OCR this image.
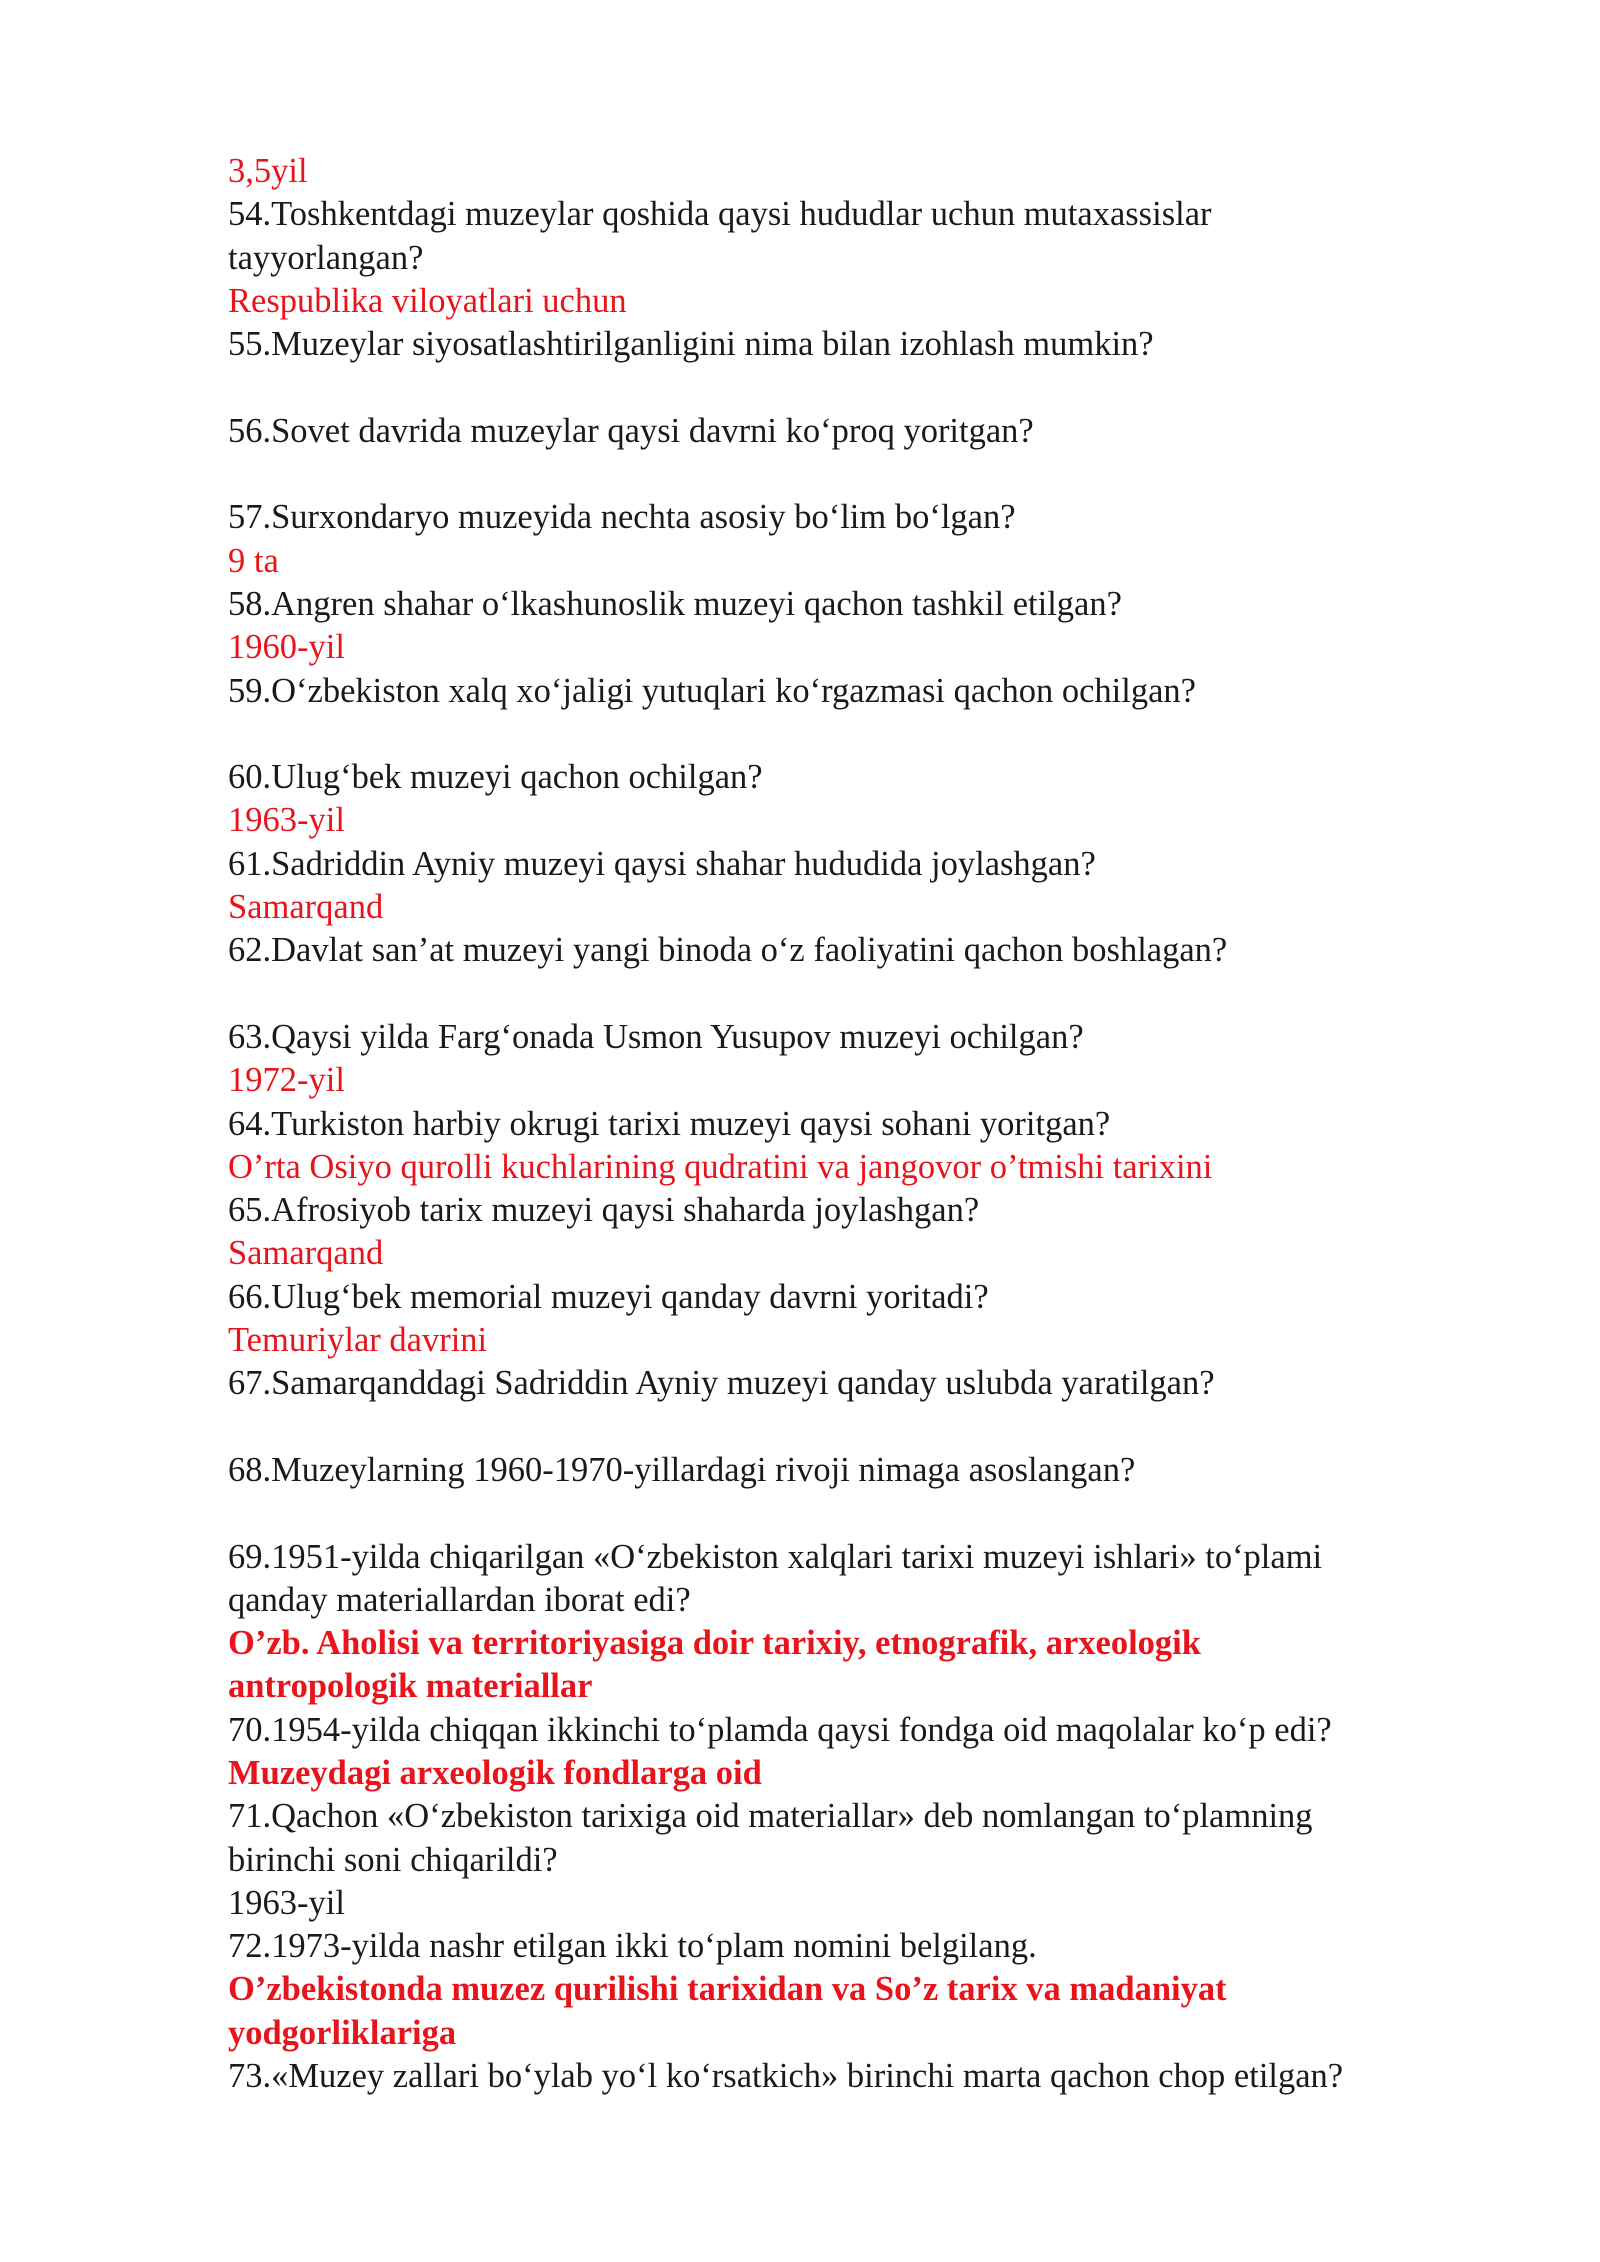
3,5yil
54.Toshkentdagi muzeylar qoshida qaysi hududlar uchun mutaxassislar
tayyorlangan?
Respublika viloyatlari uchun
55.Muzeylar siyosatlashtirilganligini nima bilan izohlash mumkin?
56.Sovet davrida muzeylar qaysi davrni ko‘proq yoritgan?
57.Surxondaryo muzeyida nechta asosiy bo‘lim bo‘lgan?
9 ta
58.Angren shahar o‘lkashunoslik muzeyi qachon tashkil etilgan?
1960-yil
59.O‘zbekiston xalq xo‘jaligi yutuqlari ko‘rgazmasi qachon ochilgan?
60.Ulug‘bek muzeyi qachon ochilgan?
1963-yil
61.Sadriddin Ayniy muzeyi qaysi shahar hududida joylashgan?
Samarqand
62.Davlat san’at muzeyi yangi binoda o‘z faoliyatini qachon boshlagan?
63.Qaysi yilda Farg‘onada Usmon Yusupov muzeyi ochilgan?
1972-yil
64.Turkiston harbiy okrugi tarixi muzeyi qaysi sohani yoritgan?
O’rta Osiyo qurolli kuchlarining qudratini va jangovor o’tmishi tarixini
65.Afrosiyob tarix muzeyi qaysi shaharda joylashgan?
Samarqand
66.Ulug‘bek memorial muzeyi qanday davrni yoritadi?
Temuriylar davrini
67.Samarqanddagi Sadriddin Ayniy muzeyi qanday uslubda yaratilgan?
68.Muzeylarning 1960-1970-yillardagi rivoji nimaga asoslangan?
69.1951-yilda chiqarilgan «O‘zbekiston xalqlari tarixi muzeyi ishlari» to‘plami
qanday materiallardan iborat edi?
O’zb. Aholisi va territoriyasiga doir tarixiy, etnografik, arxeologik
antropologik materiallar
70.1954-yilda chiqqan ikkinchi to‘plamda qaysi fondga oid maqolalar ko‘p edi?
Muzeydagi arxeologik fondlarga oid
71.Qachon «O‘zbekiston tarixiga oid materiallar» deb nomlangan to‘plamning
birinchi soni chiqarildi?
1963-yil
72.1973-yilda nashr etilgan ikki to‘plam nomini belgilang.
O’zbekistonda muzez qurilishi tarixidan va So’z tarix va madaniyat
yodgorliklariga
73.«Muzey zallari bo‘ylab yo‘l ko‘rsatkich» birinchi marta qachon chop etilgan?
